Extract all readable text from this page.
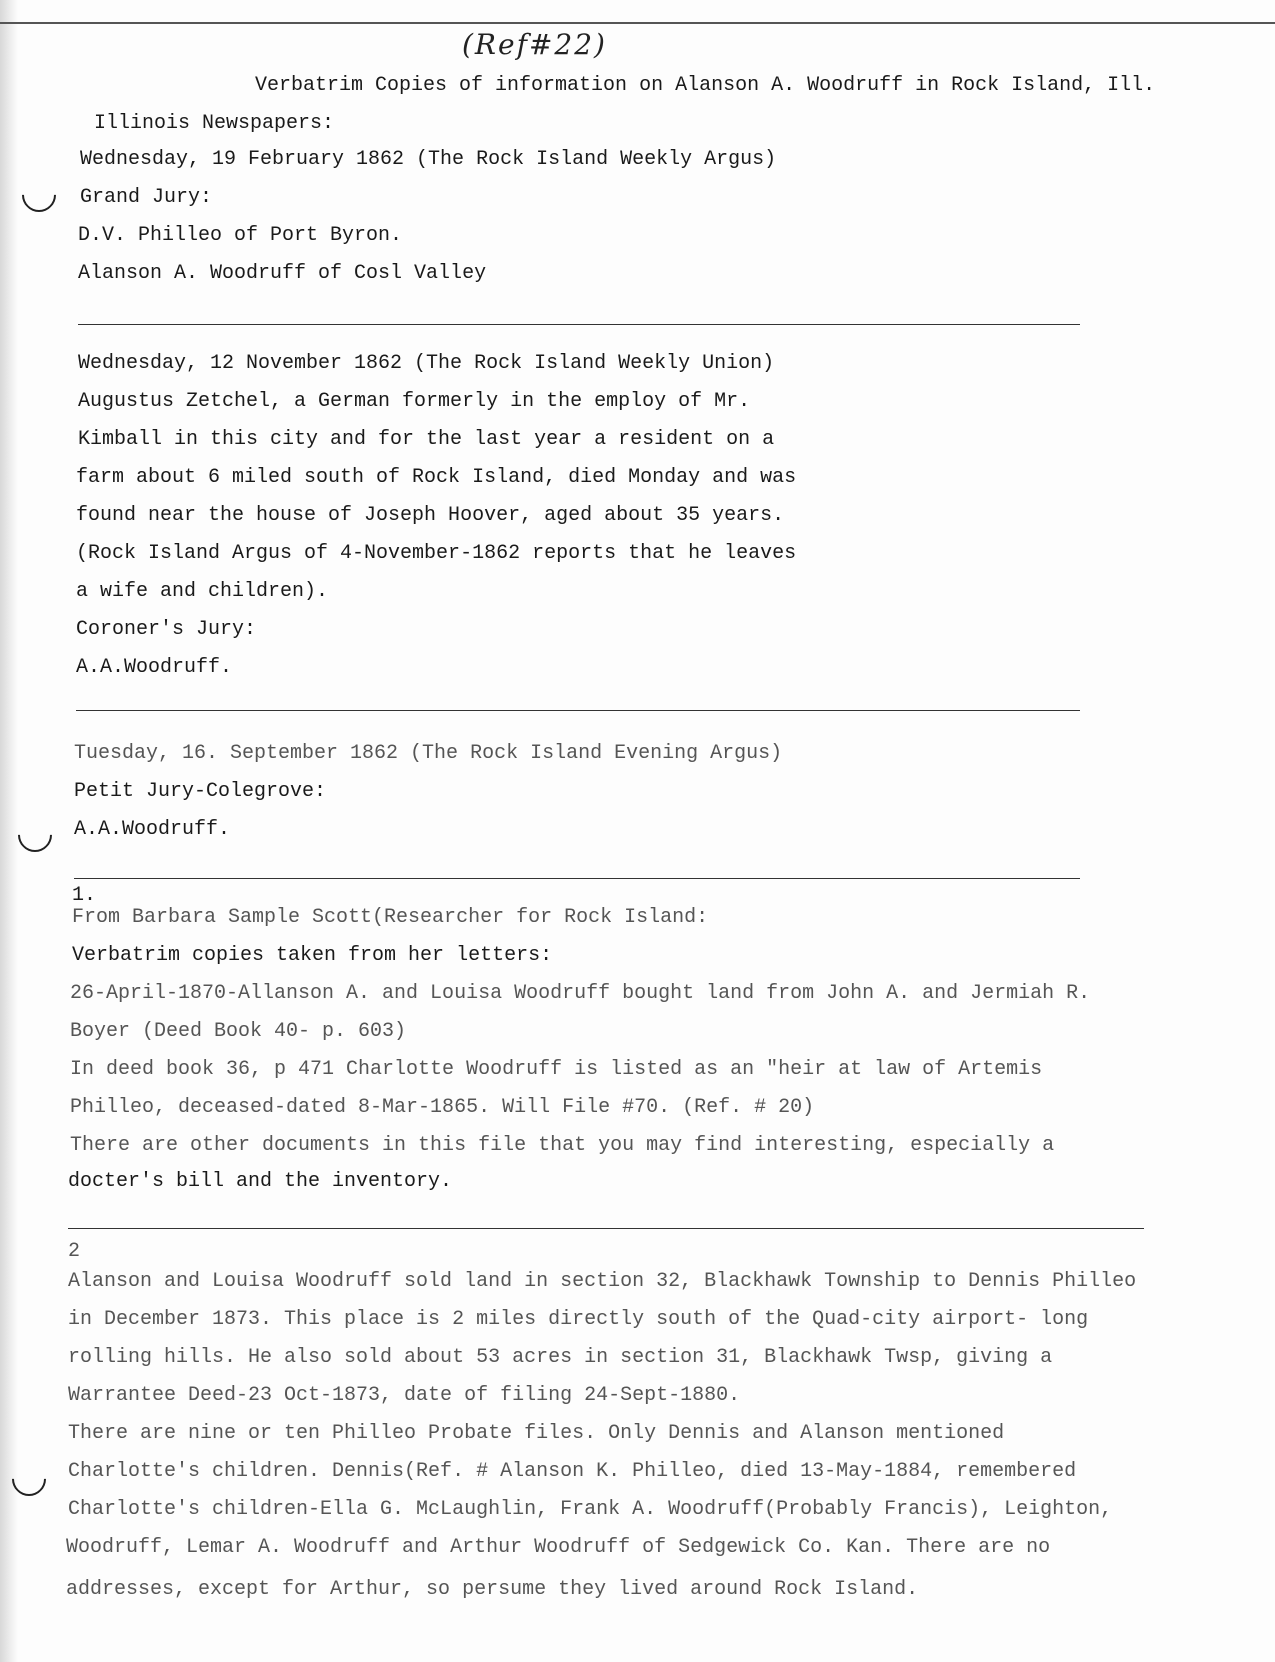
(Ref#22)
Verbatrim Copies of information on Alanson A. Woodruff in Rock Island, Ill.
Illinois Newspapers:
Wednesday, 19 February 1862 (The Rock Island Weekly Argus)
Grand Jury:
D.V. Philleo of Port Byron.
Alanson A. Woodruff of Cosl Valley
Wednesday, 12 November 1862 (The Rock Island Weekly Union)
Augustus Zetchel, a German formerly in the employ of Mr.
Kimball in this city and for the last year a resident on a
farm about 6 miled south of Rock Island, died Monday and was
found near the house of Joseph Hoover, aged about 35 years.
(Rock Island Argus of 4-November-1862 reports that he leaves
a wife and children).
Coroner's Jury:
A.A.Woodruff.
Tuesday, 16. September 1862 (The Rock Island Evening Argus)
Petit Jury-Colegrove:
A.A.Woodruff.
1.
From Barbara Sample Scott(Researcher for Rock Island:
Verbatrim copies taken from her letters:
26-April-1870-Allanson A. and Louisa Woodruff bought land from John A. and Jermiah R.
Boyer (Deed Book 40- p. 603)
In deed book 36, p 471 Charlotte Woodruff is listed as an "heir at law of Artemis
Philleo, deceased-dated 8-Mar-1865. Will File #70. (Ref. # 20)
There are other documents in this file that you may find interesting, especially a
docter's bill and the inventory.
2
Alanson and Louisa Woodruff sold land in section 32, Blackhawk Township to Dennis Philleo
in December 1873. This place is 2 miles directly south of the Quad-city airport- long
rolling hills. He also sold about 53 acres in section 31, Blackhawk Twsp, giving a
Warrantee Deed-23 Oct-1873, date of filing 24-Sept-1880.
There are nine or ten Philleo Probate files. Only Dennis and Alanson mentioned
Charlotte's children. Dennis(Ref. # Alanson K. Philleo, died 13-May-1884, remembered
Charlotte's children-Ella G. McLaughlin, Frank A. Woodruff(Probably Francis), Leighton,
Woodruff, Lemar A. Woodruff and Arthur Woodruff of Sedgewick Co. Kan. There are no
addresses, except for Arthur, so persume they lived around Rock Island.
